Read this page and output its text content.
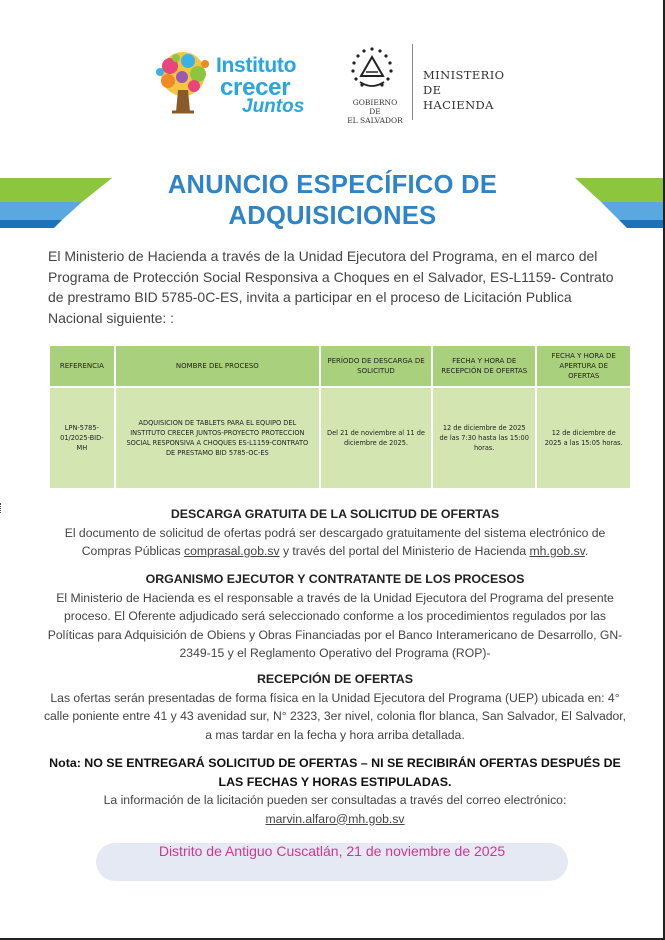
Instituto
crecer
Juntos	GOBIERNO DE
EL SALVADOR
MINISTERIO
DE HACIENDA
ANUNCIO ESPECÍFICO DE
ADQUISICIONES
El Ministerio de Hacienda a través de la Unidad Ejecutora del Programa, en el marco del Programa de Protección Social Responsiva a Choques en el Salvador, ES-L1159- Contrato de prestramo BID 5785-0C-ES, invita a participar en el proceso de Licitación Publica Nacional siguiente: :
REFERENCIA	NOMBRE DEL PROCESO	PERÍODO DE DESCARGA DE SOLICITUD	FECHA Y HORA DE RECEPCIÓN DE OFERTAS	FECHA Y HORA DE APERTURA DE OFERTAS
LPN-5785-01/2025-BID-MH	ADQUISICION DE TABLETS PARA EL EQUIPO DEL INSTITUTO CRECER JUNTOS-PROYECTO PROTECCION SOCIAL RESPONSIVA A CHOQUES ES-L1159-CONTRATO DE PRESTAMO BID 5785-OC-ES	Del 21 de noviembre al 11 de diciembre de 2025.	12 de diciembre de 2025 de las 7:30 hasta las 15:00 horas.	12 de diciembre de 2025 a las 15:05 horas.
DESCARGA GRATUITA DE LA SOLICITUD DE OFERTAS
El documento de solicitud de ofertas podrá ser descargado gratuitamente del sistema electrónico de Compras Públicas comprasal.gob.sv y través del portal del Ministerio de Hacienda mh.gob.sv.
ORGANISMO EJECUTOR Y CONTRATANTE DE LOS PROCESOS
El Ministerio de Hacienda es el responsable a través de la Unidad Ejecutora del Programa del presente proceso. El Oferente adjudicado será seleccionado conforme a los procedimientos regulados por las Políticas para Adquisición de Obiens y Obras Financiadas por el Banco Interamericano de Desarrollo, GN-2349-15 y el Reglamento Operativo del Programa (ROP)-
RECEPCIÓN DE OFERTAS
Las ofertas serán presentadas de forma física en la Unidad Ejecutora del Programa (UEP) ubicada en: 4° calle poniente entre 41 y 43 avenidad sur, N° 2323, 3er nivel, colonia flor blanca, San Salvador, El Salvador, a mas tardar en la fecha y hora arriba detallada.
Nota: NO SE ENTREGARÁ SOLICITUD DE OFERTAS – NI SE RECIBIRÁN OFERTAS DESPUÉS DE LAS FECHAS Y HORAS ESTIPULADAS.
La información de la licitación pueden ser consultadas a través del correo electrónico:
marvin.alfaro@mh.gob.sv
Distrito de Antiguo Cuscatlán, 21 de noviembre de 2025
